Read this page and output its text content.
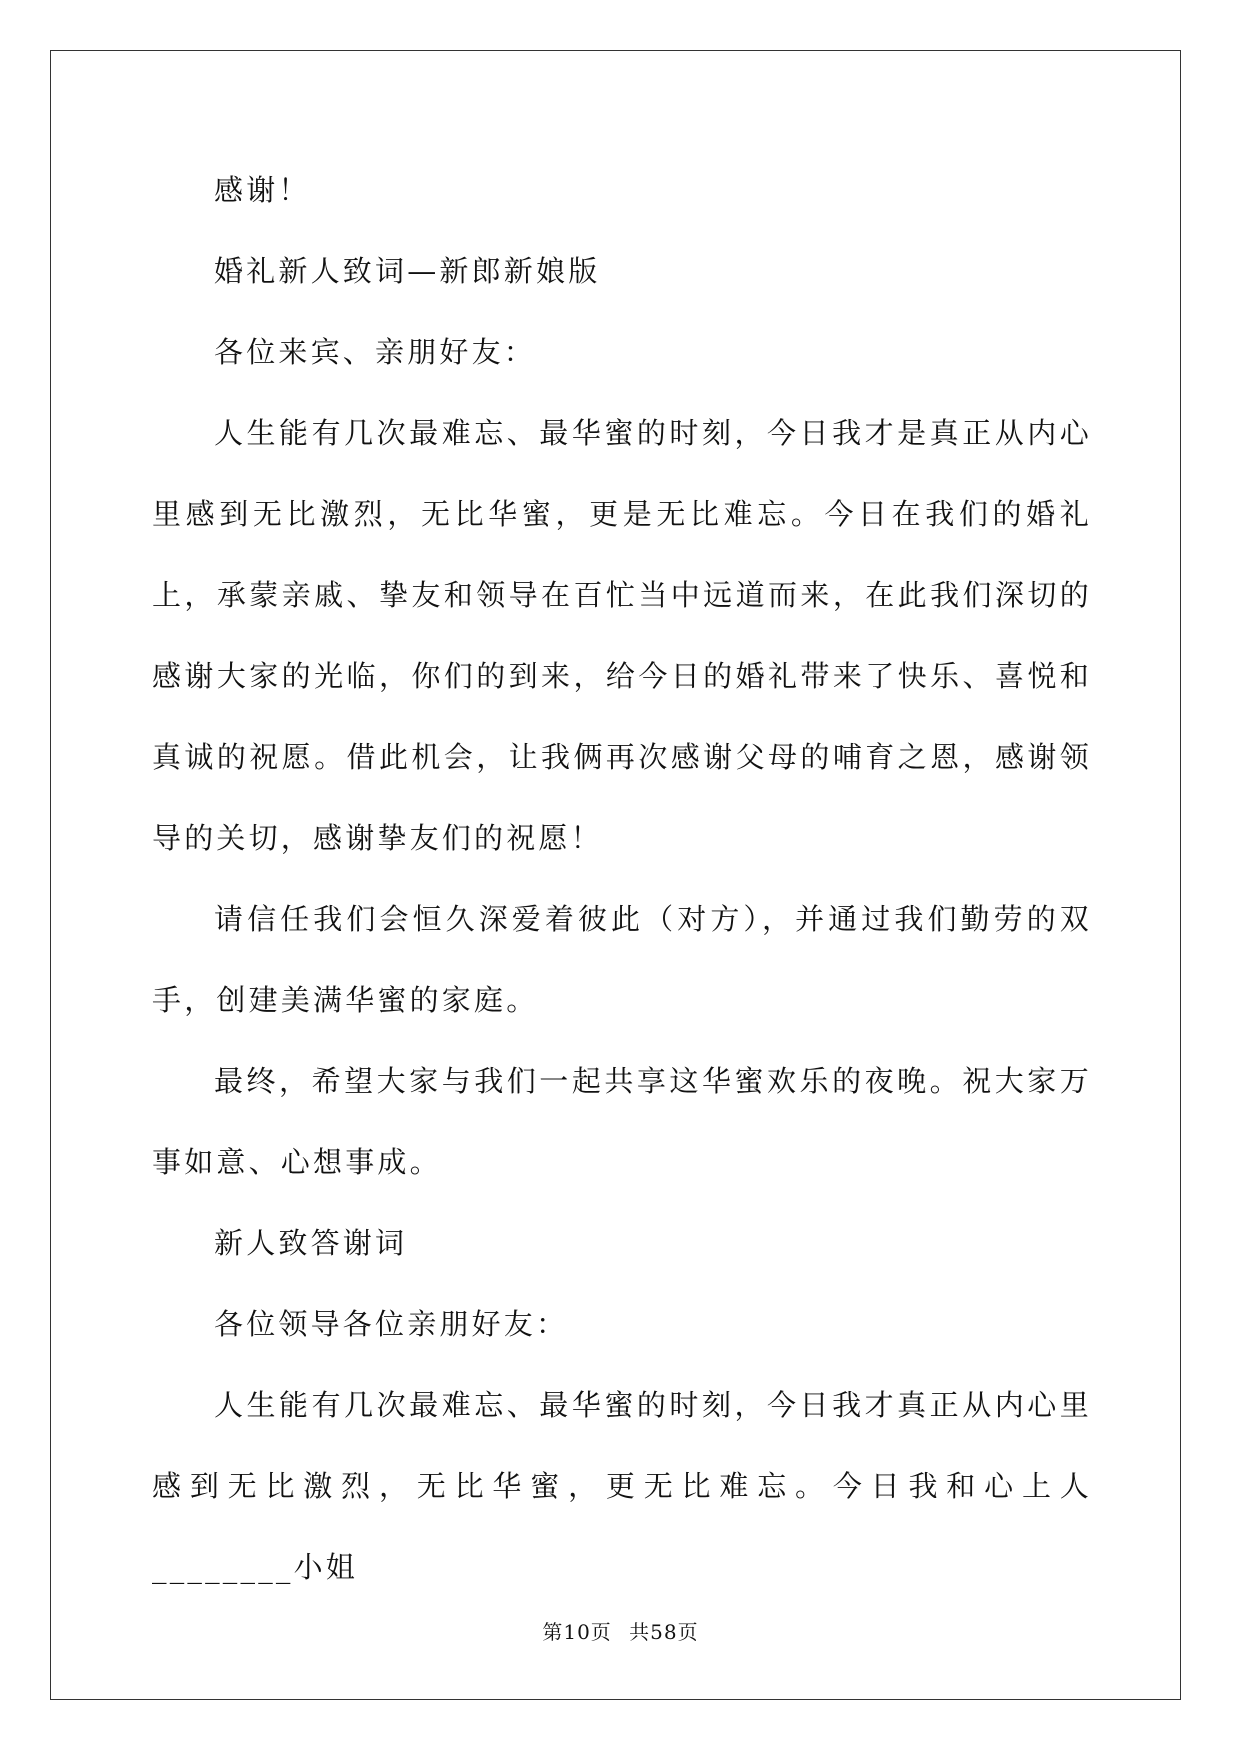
感谢！

婚礼新人致词—新郎新娘版

各位来宾、亲朋好友：

人生能有几次最难忘、最华蜜的时刻，今日我才是真正从内心里感到无比激烈，无比华蜜，更是无比难忘。今日在我们的婚礼上，承蒙亲戚、挚友和领导在百忙当中远道而来，在此我们深切的感谢大家的光临，你们的到来，给今日的婚礼带来了快乐、喜悦和真诚的祝愿。借此机会，让我俩再次感谢父母的哺育之恩，感谢领导的关切，感谢挚友们的祝愿！

请信任我们会恒久深爱着彼此（对方），并通过我们勤劳的双手，创建美满华蜜的家庭。

最终，希望大家与我们一起共享这华蜜欢乐的夜晚。祝大家万事如意、心想事成。

新人致答谢词

各位领导各位亲朋好友：

人生能有几次最难忘、最华蜜的时刻，今日我才真正从内心里感到无比激烈，无比华蜜，更无比难忘。今日我和心上人________小姐

第10页 共58页
